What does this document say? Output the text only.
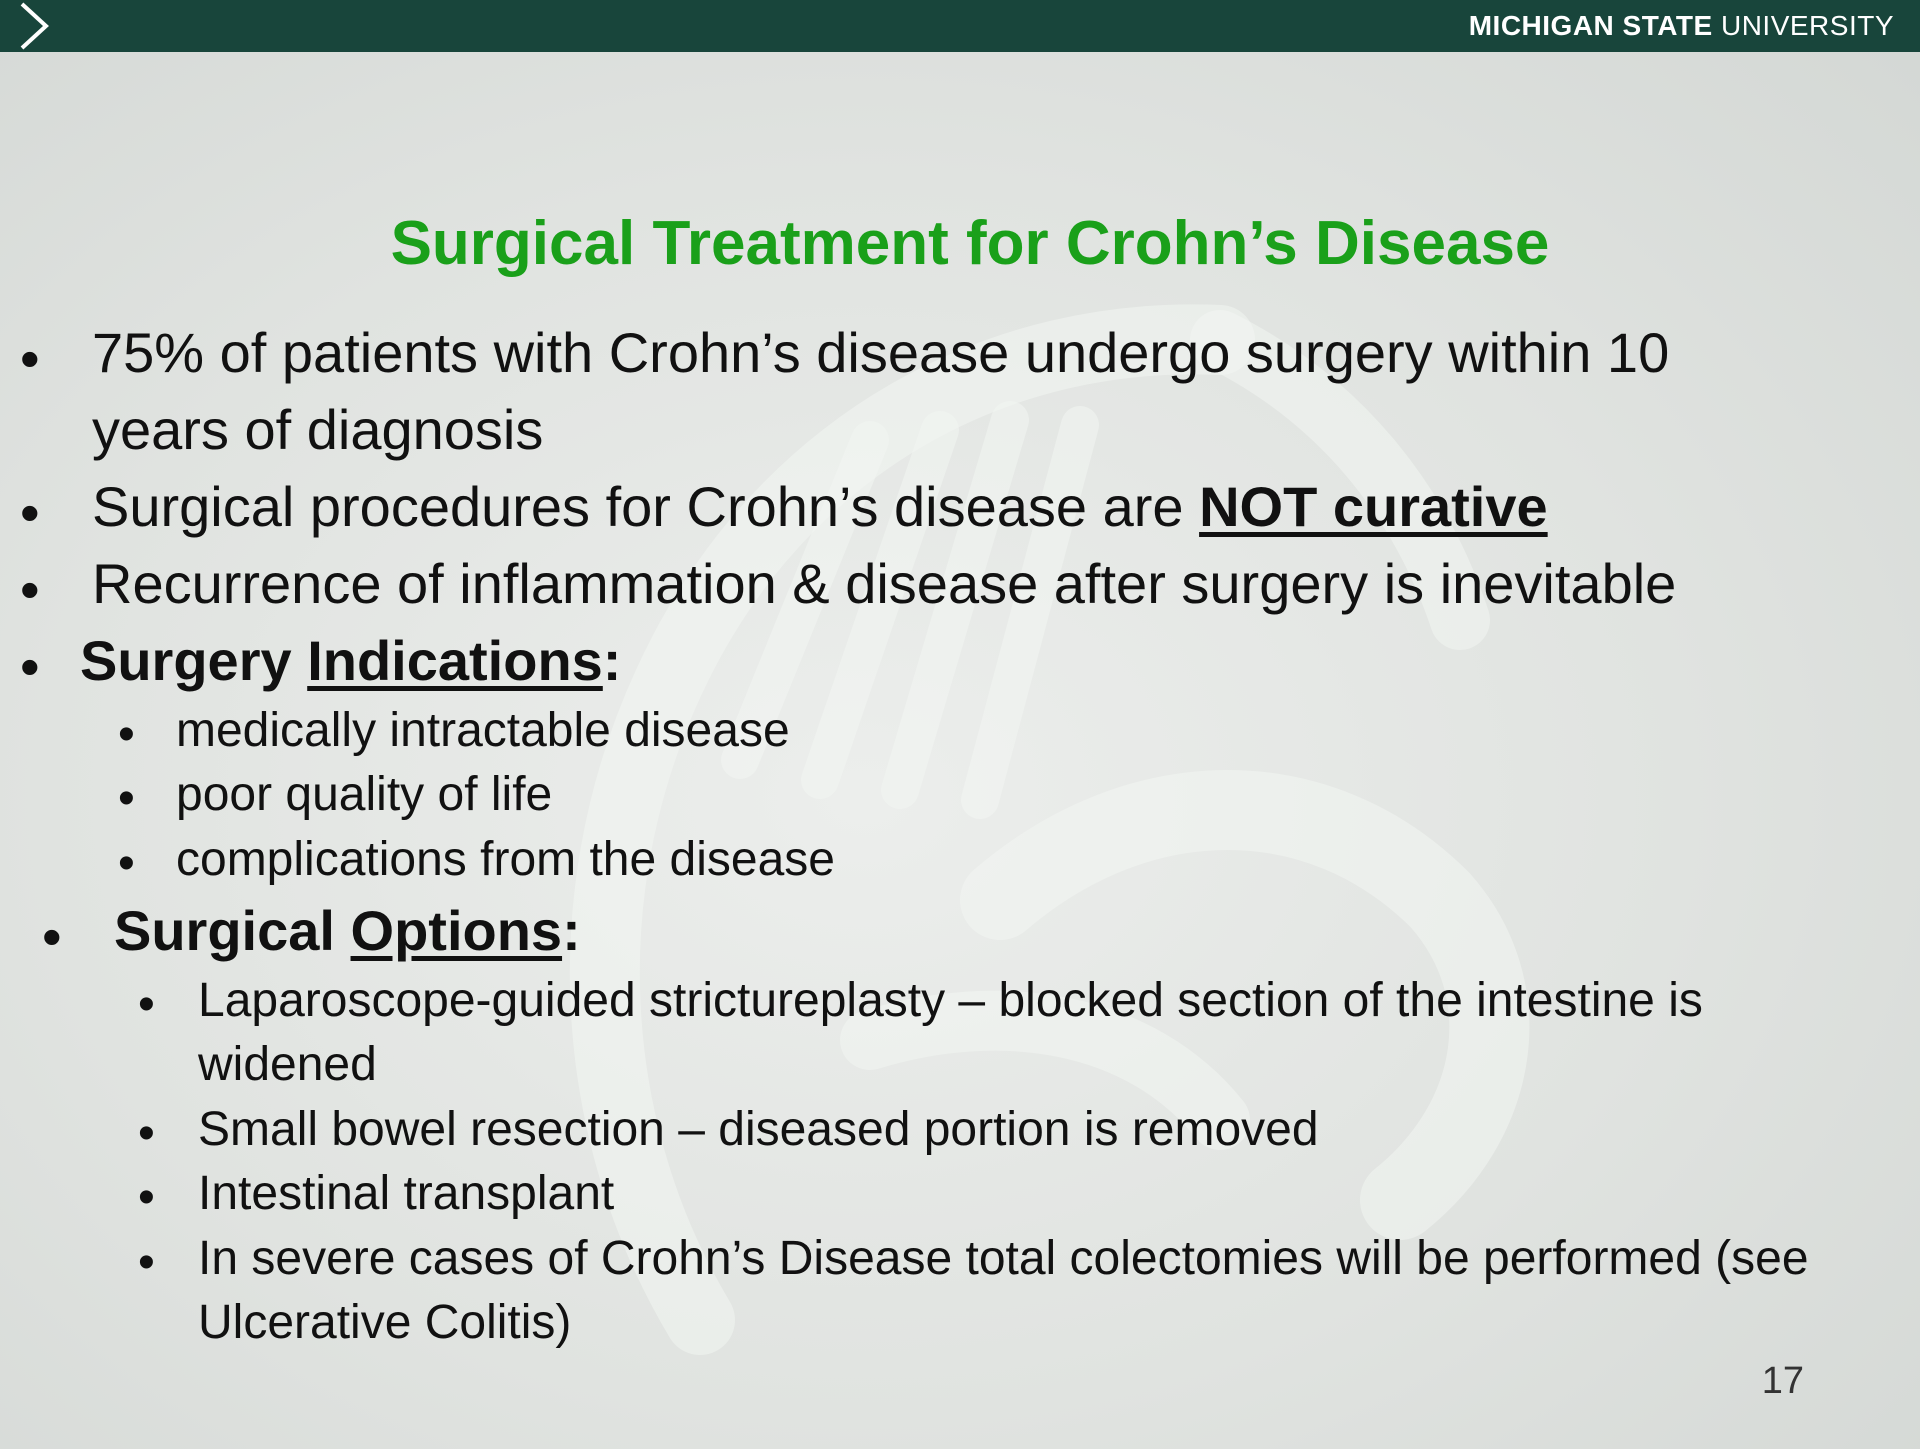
MICHIGAN STATE UNIVERSITY
Surgical Treatment for Crohn’s Disease
• 75% of patients with Crohn’s disease undergo surgery within 10
years of diagnosis
• Surgical procedures for Crohn’s disease are NOT curative
• Recurrence of inflammation & disease after surgery is inevitable
• Surgery Indications:
• medically intractable disease
• poor quality of life
• complications from the disease
• Surgical Options:
• Laparoscope-guided strictureplasty – blocked section of the intestine is
widened
• Small bowel resection – diseased portion is removed
• Intestinal transplant
• In severe cases of Crohn’s Disease total colectomies will be performed (see
Ulcerative Colitis)
17
